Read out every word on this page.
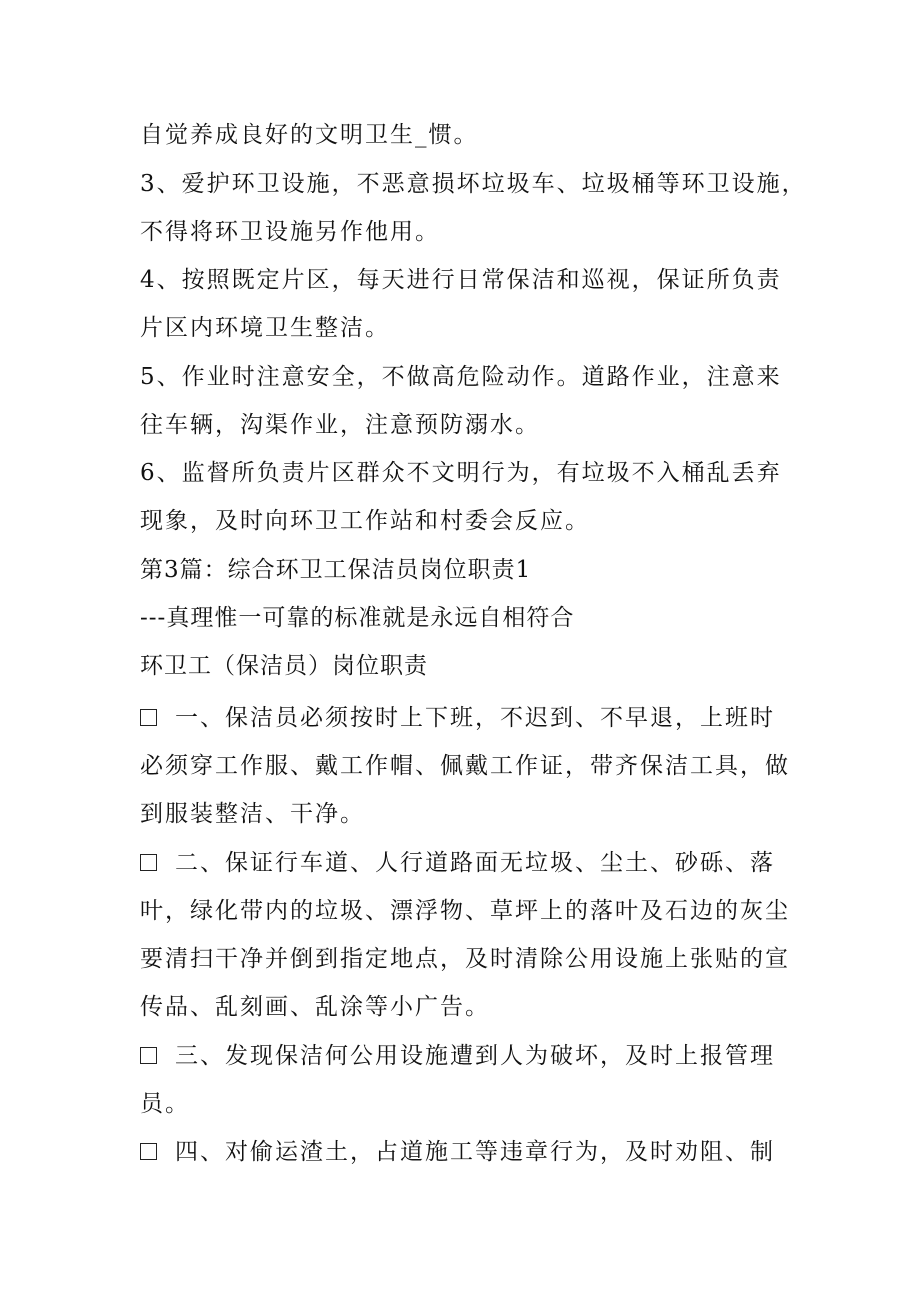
自觉养成良好的文明卫生_惯。
3、爱护环卫设施，不恶意损坏垃圾车、垃圾桶等环卫设施，
不得将环卫设施另作他用。
4、按照既定片区，每天进行日常保洁和巡视，保证所负责
片区内环境卫生整洁。
5、作业时注意安全，不做高危险动作。道路作业，注意来
往车辆，沟渠作业，注意预防溺水。
6、监督所负责片区群众不文明行为，有垃圾不入桶乱丢弃
现象，及时向环卫工作站和村委会反应。
第3篇：综合环卫工保洁员岗位职责1
---真理惟一可靠的标准就是永远自相符合
环卫工（保洁员）岗位职责
一、保洁员必须按时上下班，不迟到、不早退，上班时
必须穿工作服、戴工作帽、佩戴工作证，带齐保洁工具，做
到服装整洁、干净。
二、保证行车道、人行道路面无垃圾、尘土、砂砾、落
叶，绿化带内的垃圾、漂浮物、草坪上的落叶及石边的灰尘
要清扫干净并倒到指定地点，及时清除公用设施上张贴的宣
传品、乱刻画、乱涂等小广告。
三、发现保洁何公用设施遭到人为破坏，及时上报管理
员。
四、对偷运渣土，占道施工等违章行为，及时劝阻、制
